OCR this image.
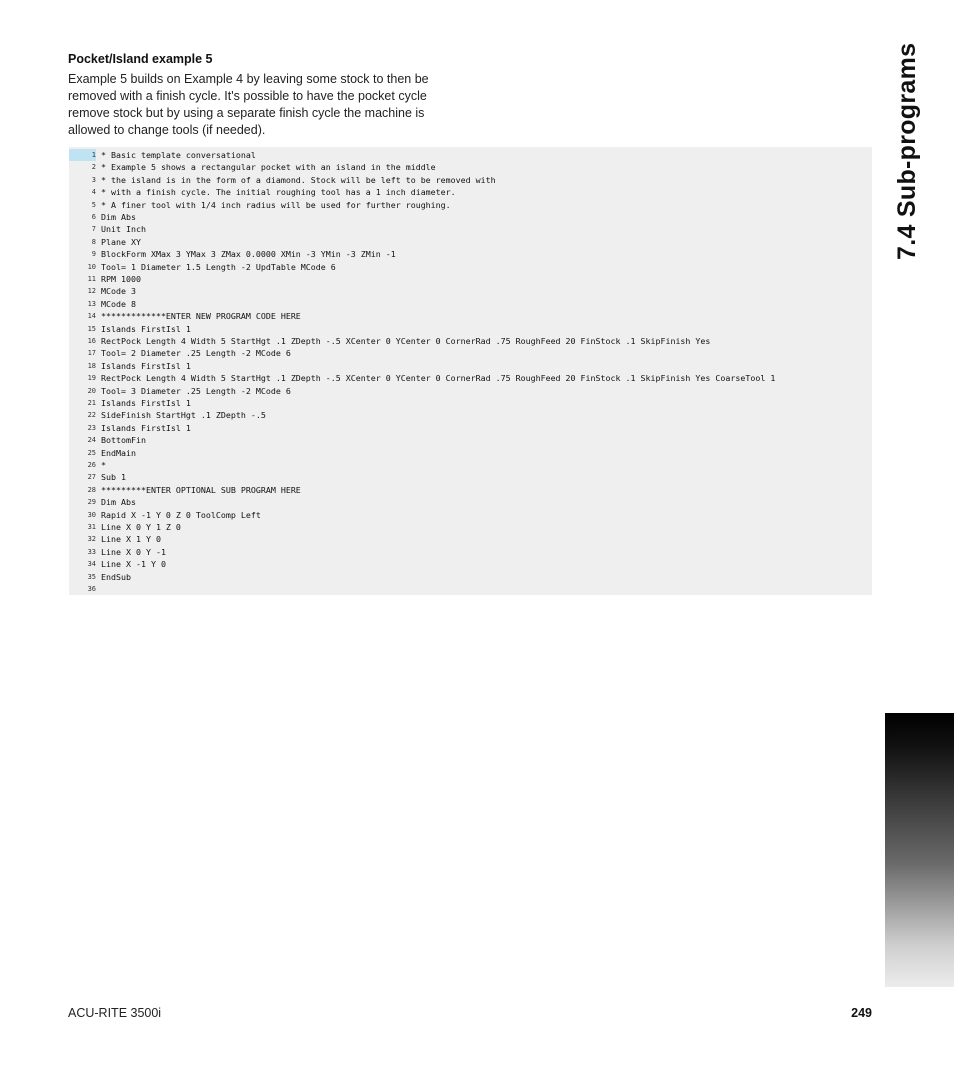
Pocket/Island example 5
Example 5 builds on Example 4 by leaving some stock to then be
removed with a finish cycle. It's possible to have the pocket cycle
remove stock but by using a separate finish cycle the machine is
allowed to change tools (if needed).
1 * Basic template conversational
2 * Example 5 shows a rectangular pocket with an island in the middle
3 * the island is in the form of a diamond. Stock will be left to be removed with
4 * with a finish cycle. The initial roughing tool has a 1 inch diameter.
5 * A finer tool with 1/4 inch radius will be used for further roughing.
6 Dim Abs
7 Unit Inch
8 Plane XY
9 BlockForm XMax 3 YMax 3 ZMax 0.0000 XMin -3 YMin -3 ZMin -1
10 Tool= 1 Diameter 1.5 Length -2 UpdTable MCode 6
11 RPM 1000
12 MCode 3
13 MCode 8
14 *************ENTER NEW PROGRAM CODE HERE
15 Islands FirstIsl 1
16 RectPock Length 4 Width 5 StartHgt .1 ZDepth -.5 XCenter 0 YCenter 0 CornerRad .75 RoughFeed 20 FinStock .1 SkipFinish Yes
17 Tool= 2 Diameter .25 Length -2 MCode 6
18 Islands FirstIsl 1
19 RectPock Length 4 Width 5 StartHgt .1 ZDepth -.5 XCenter 0 YCenter 0 CornerRad .75 RoughFeed 20 FinStock .1 SkipFinish Yes CoarseTool 1
20 Tool= 3 Diameter .25 Length -2 MCode 6
21 Islands FirstIsl 1
22 SideFinish StartHgt .1 ZDepth -.5
23 Islands FirstIsl 1
24 BottomFin
25 EndMain
26 *
27 Sub 1
28 *********ENTER OPTIONAL SUB PROGRAM HERE
29 Dim Abs
30 Rapid X -1 Y 0 Z 0 ToolComp Left
31 Line X 0 Y 1 Z 0
32 Line X 1 Y 0
33 Line X 0 Y -1
34 Line X -1 Y 0
35 EndSub
36
7.4 Sub-programs
ACU-RITE 3500i	249
